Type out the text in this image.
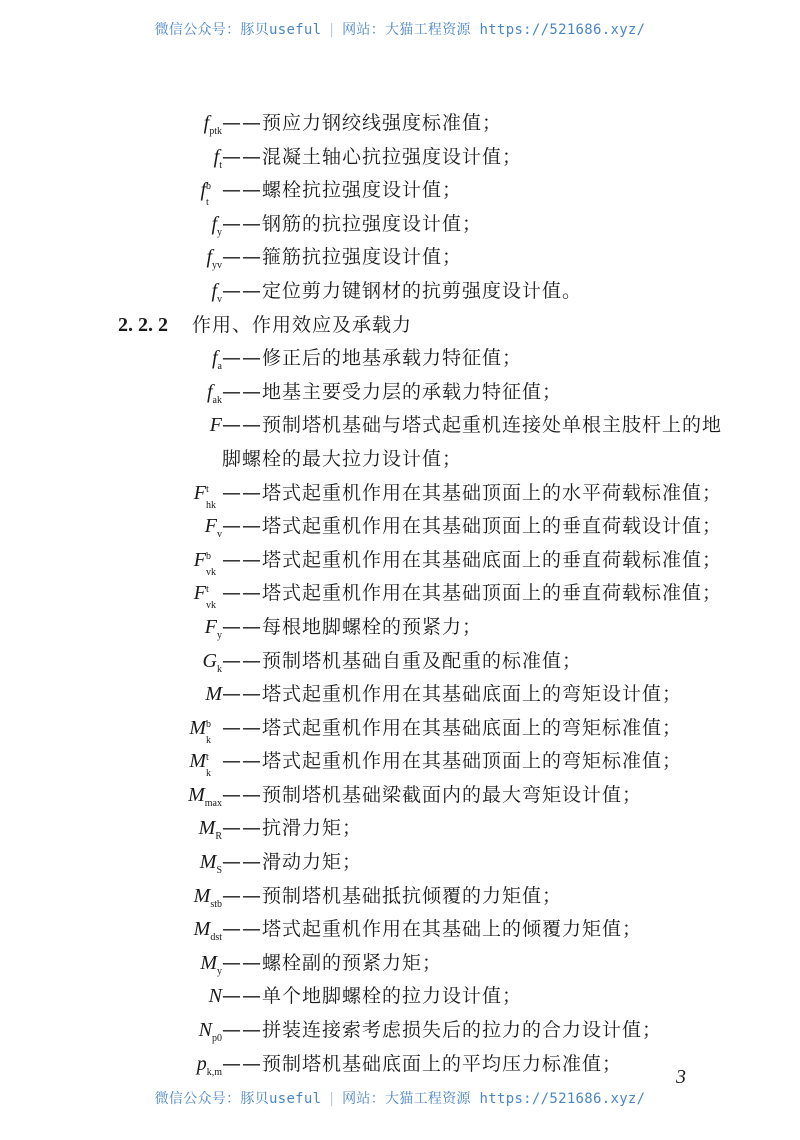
微信公众号：豚贝useful | 网站：大猫工程资源 https://521686.xyz/
$f_{ptk}$ ——预应力钢绞线强度标准值；
$f_t$ ——混凝土轴心抗拉强度设计值；
f b
t
——螺栓抗拉强度设计值；
$f_y$ ——钢筋的抗拉强度设计值；
$f_{yv}$ ——箍筋抗拉强度设计值；
$f_v$ ——定位剪力键钢材的抗剪强度设计值。
2. 2. 2 作用、作用效应及承载力
$f_a$ ——修正后的地基承载力特征值；
$f_{ak}$ ——地基主要受力层的承载力特征值；
F ——预制塔机基础与塔式起重机连接处单根主肢杆上的地
脚螺栓的最大拉力设计值；
F t
hk
——塔式起重机作用在其基础顶面上的水平荷载标准值；
$F_v$ ——塔式起重机作用在其基础顶面上的垂直荷载设计值；
F b
vk
——塔式起重机作用在其基础底面上的垂直荷载标准值；
F t
vk
——塔式起重机作用在其基础顶面上的垂直荷载标准值；
$F_y$ ——每根地脚螺栓的预紧力；
$G_k$ ——预制塔机基础自重及配重的标准值；
M ——塔式起重机作用在其基础底面上的弯矩设计值；
M b
k
——塔式起重机作用在其基础底面上的弯矩标准值；
M t
k
——塔式起重机作用在其基础顶面上的弯矩标准值；
$M_{max}$ ——预制塔机基础梁截面内的最大弯矩设计值；
$M_R$ ——抗滑力矩；
$M_S$ ——滑动力矩；
$M_{stb}$ ——预制塔机基础抵抗倾覆的力矩值；
$M_{dst}$ ——塔式起重机作用在其基础上的倾覆力矩值；
$M_y$ ——螺栓副的预紧力矩；
N ——单个地脚螺栓的拉力设计值；
$N_{p0}$ ——拼装连接索考虑损失后的拉力的合力设计值；
$p_{k,m}$ ——预制塔机基础底面上的平均压力标准值；
3
微信公众号：豚贝useful | 网站：大猫工程资源 https://521686.xyz/
